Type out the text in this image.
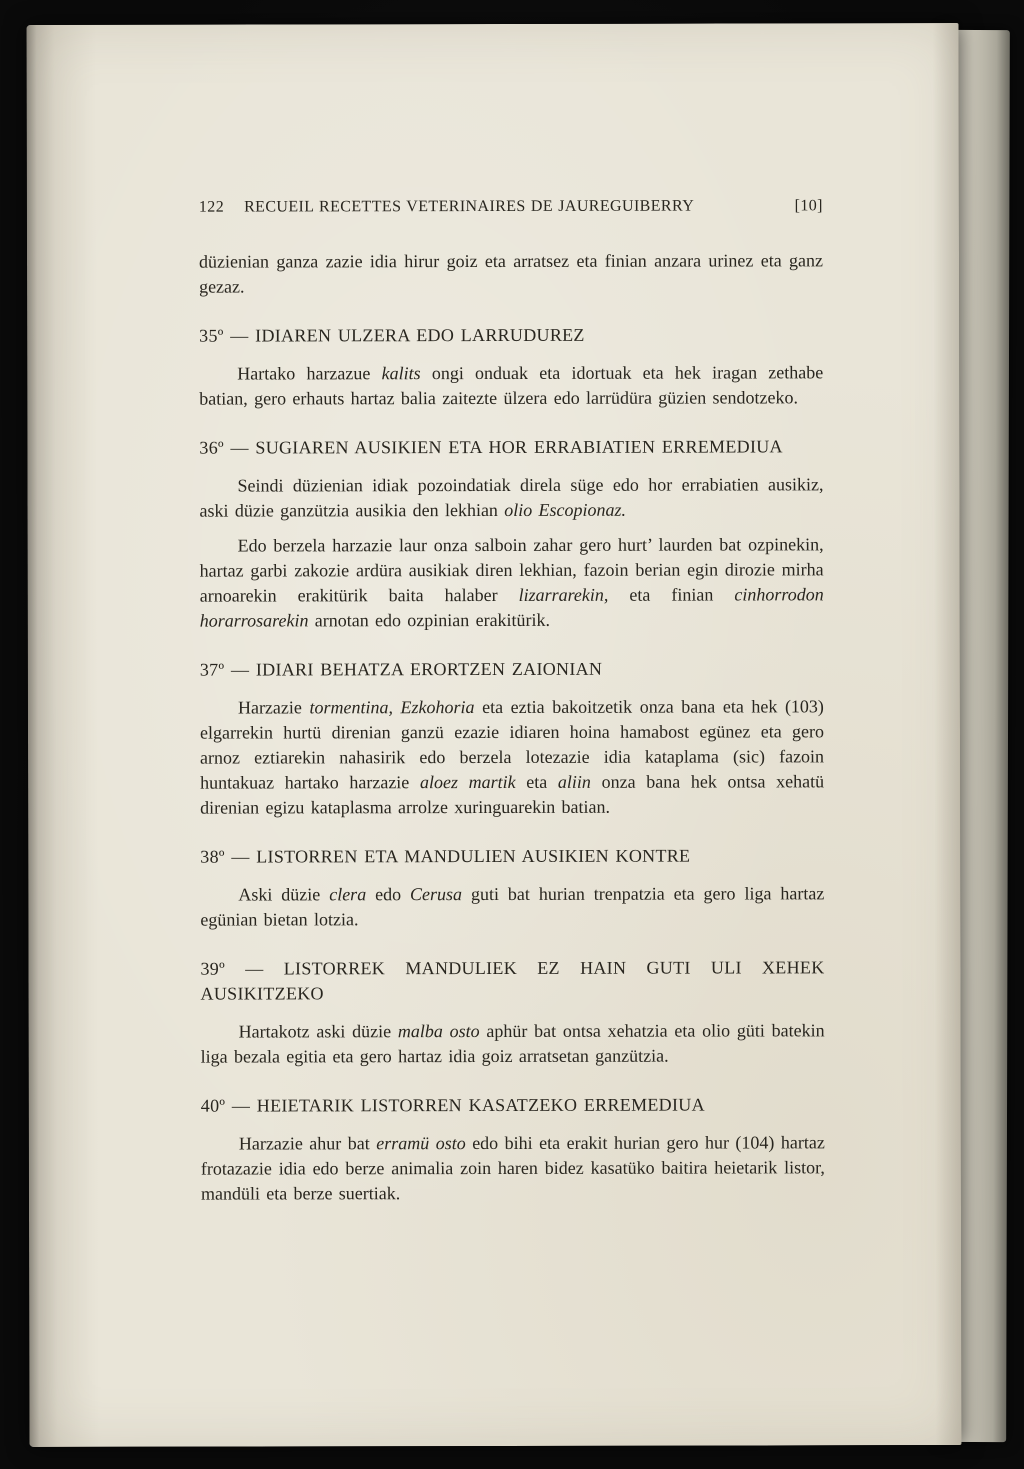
122 RECUEIL RECETTES VETERINAIRES DE JAUREGUIBERRY	[10]

düzienian ganza zazie idia hirur goiz eta arratsez eta finian anzara urinez eta ganz gezaz.

35º — IDIAREN ULZERA EDO LARRUDUREZ

Hartako harzazue kalits ongi onduak eta idortuak eta hek iragan zethabe batian, gero erhauts hartaz balia zaitezte ülzera edo larrüdüra güzien sendotzeko.

36º — SUGIAREN AUSIKIEN ETA HOR ERRABIATIEN ERREMEDIUA

Seindi düzienian idiak pozoindatiak direla süge edo hor errabiatien ausikiz, aski düzie ganzützia ausikia den lekhian olio Escopionaz.

Edo berzela harzazie laur onza salboin zahar gero hurt’ laurden bat ozpinekin, hartaz garbi zakozie ardüra ausikiak diren lekhian, fazoin berian egin dirozie mirha arnoarekin erakitürik baita halaber lizarrarekin, eta finian cinhorrodon horarrosarekin arnotan edo ozpinian erakitürik.

37º — IDIARI BEHATZA ERORTZEN ZAIONIAN

Harzazie tormentina, Ezkohoria eta eztia bakoitzetik onza bana eta hek (103) elgarrekin hurtü direnian ganzü ezazie idiaren hoina hamabost egünez eta gero arnoz eztiarekin nahasirik edo berzela lotezazie idia kataplama (sic) fazoin huntakuaz hartako harzazie aloez martik eta aliin onza bana hek ontsa xehatü direnian egizu kataplasma arrolze xuringuarekin batian.

38º — LISTORREN ETA MANDULIEN AUSIKIEN KONTRE

Aski düzie clera edo Cerusa guti bat hurian trenpatzia eta gero liga hartaz egünian bietan lotzia.

39º — LISTORREK MANDULIEK EZ HAIN GUTI ULI XEHEK AUSIKITZEKO

Hartakotz aski düzie malba osto aphür bat ontsa xehatzia eta olio güti batekin liga bezala egitia eta gero hartaz idia goiz arratsetan ganzützia.

40º — HEIETARIK LISTORREN KASATZEKO ERREMEDIUA

Harzazie ahur bat erramü osto edo bihi eta erakit hurian gero hur (104) hartaz frotazazie idia edo berze animalia zoin haren bidez kasatüko baitira heietarik listor, mandüli eta berze suertiak.
